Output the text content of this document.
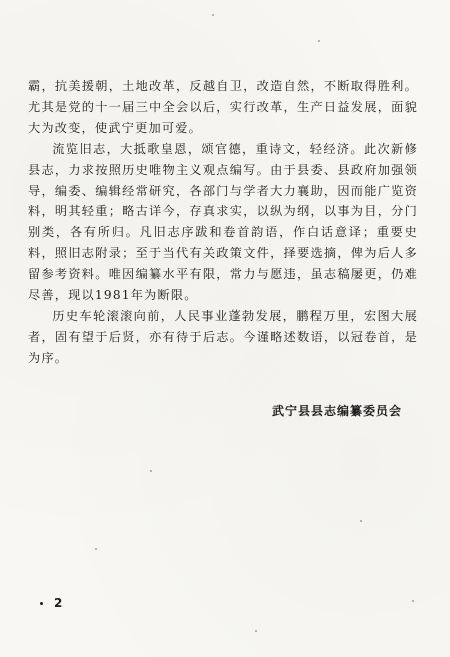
霸，抗美援朝，土地改革，反越自卫，改造自然，不断取得胜利。尤其是党的十一届三中全会以后，实行改革，生产日益发展，面貌大为改变，使武宁更加可爱。

流览旧志，大抵歌皇恩，颂官德，重诗文，轻经济。此次新修县志，力求按照历史唯物主义观点编写。由于县委、县政府加强领导，编委、编辑经常研究，各部门与学者大力襄助，因而能广览资料，明其轻重；略古详今，存真求实，以纵为纲，以事为目，分门别类，各有所归。凡旧志序跋和卷首韵语，作白话意译；重要史料，照旧志附录；至于当代有关政策文件，择要选摘，俾为后人多留参考资料。唯因编纂水平有限，常力与愿违，虽志稿屡更，仍难尽善，现以1981年为断限。

历史车轮滚滚向前，人民事业蓬勃发展，鹏程万里，宏图大展者，固有望于后贤，亦有待于后志。今谨略述数语，以冠卷首，是为序。

武宁县县志编纂委员会
2
